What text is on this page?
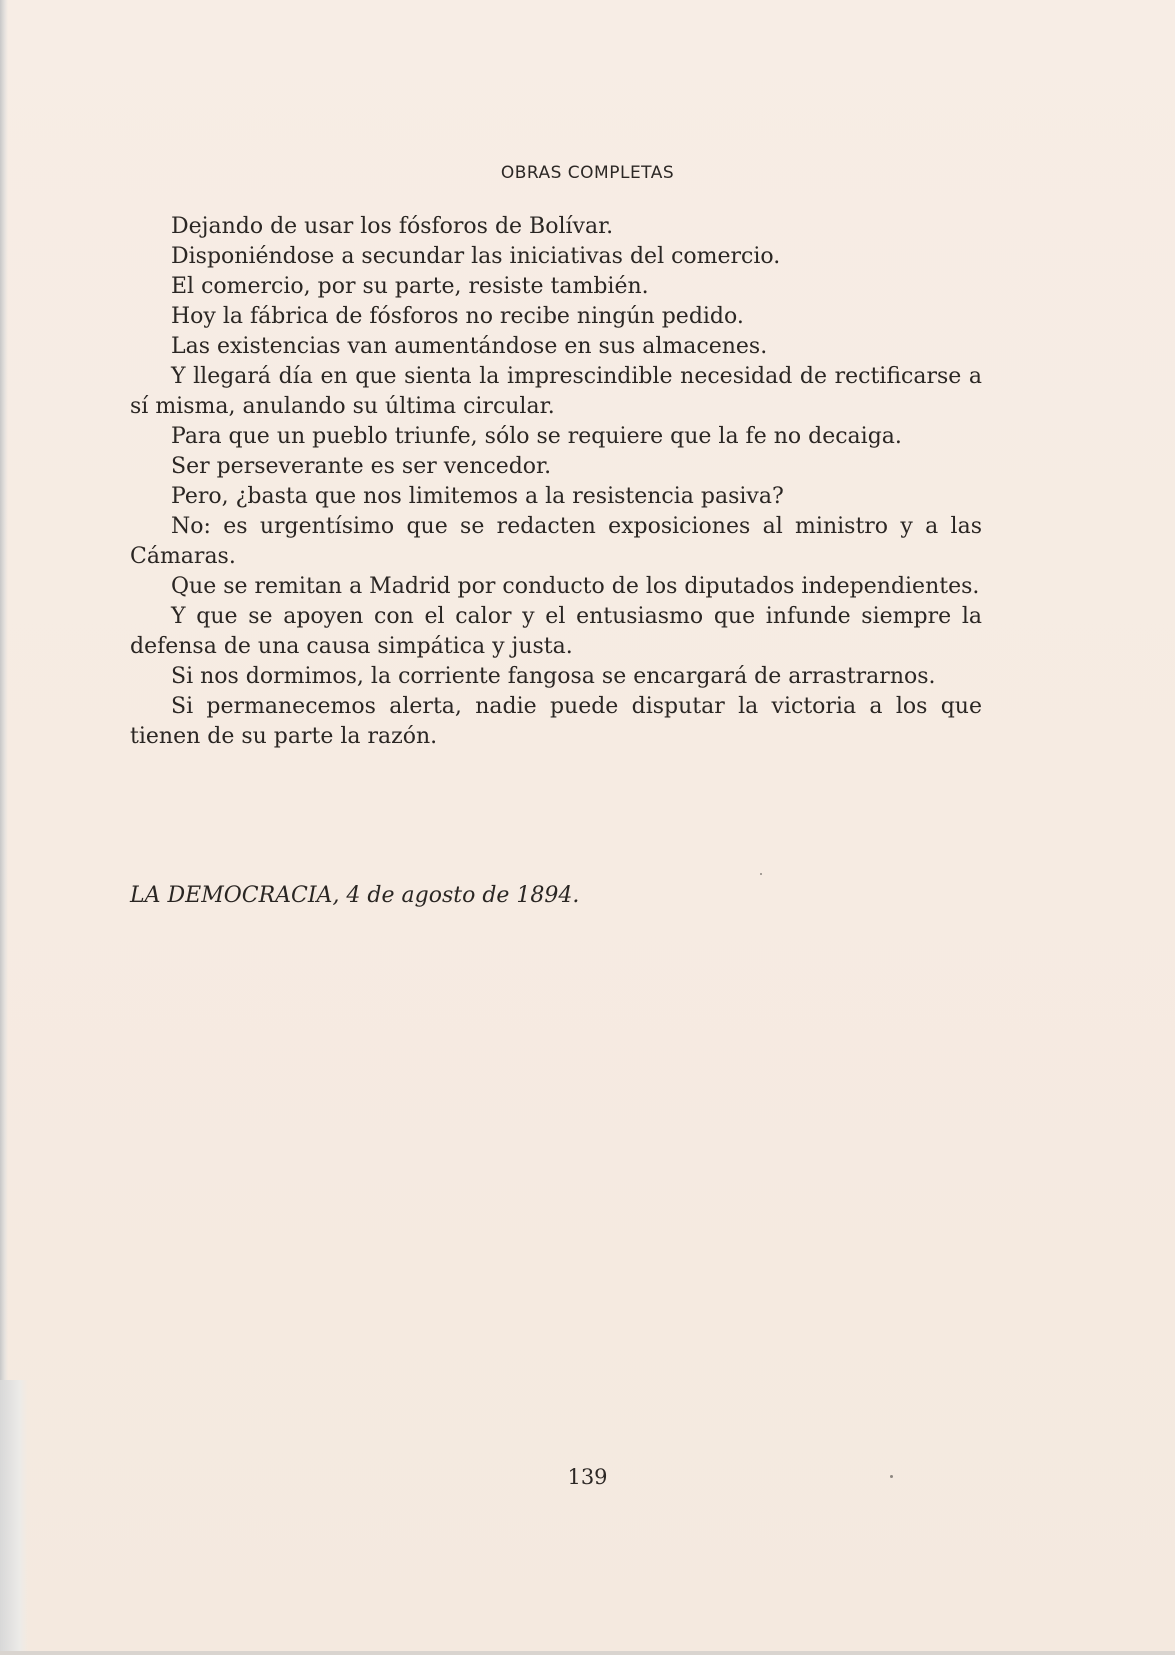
OBRAS COMPLETAS

Dejando de usar los fósforos de Bolívar.

Disponiéndose a secundar las iniciativas del comercio.

El comercio, por su parte, resiste también.

Hoy la fábrica de fósforos no recibe ningún pedido.

Las existencias van aumentándose en sus almacenes.

Y llegará día en que sienta la imprescindible necesidad de rectificarse a sí misma, anulando su última circular.

Para que un pueblo triunfe, sólo se requiere que la fe no decaiga.

Ser perseverante es ser vencedor.

Pero, ¿basta que nos limitemos a la resistencia pasiva?

No: es urgentísimo que se redacten exposiciones al ministro y a las Cámaras.

Que se remitan a Madrid por conducto de los diputados independientes.

Y que se apoyen con el calor y el entusiasmo que infunde siempre la defensa de una causa simpática y justa.

Si nos dormimos, la corriente fangosa se encargará de arrastrarnos.

Si permanecemos alerta, nadie puede disputar la victoria a los que tienen de su parte la razón.

LA DEMOCRACIA, 4 de agosto de 1894.
139
